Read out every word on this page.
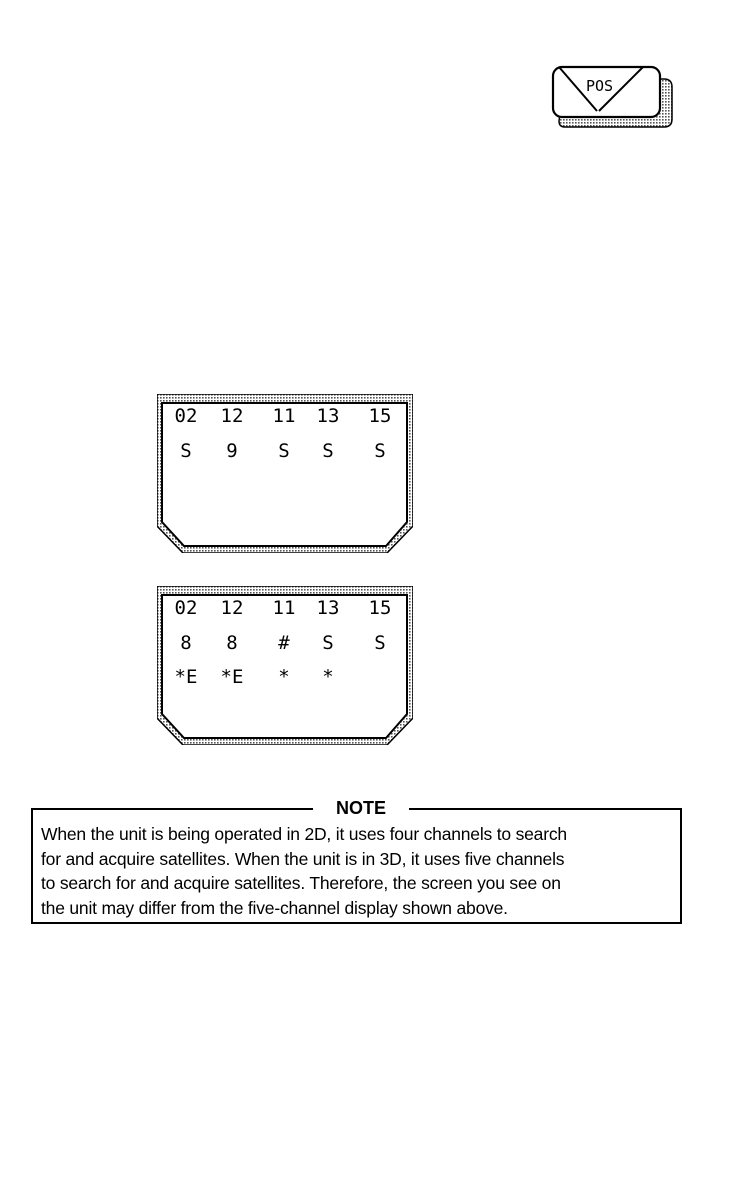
POS
02 12 11 13 15
S	9	S	S	S
02 12 11 13 15
8	8	#	S	S
*E *E	*	*
NOTE
When the unit is being operated in 2D, it uses four channels to search
for and acquire satellites. When the unit is in 3D, it uses five channels
to search for and acquire satellites. Therefore, the screen you see on
the unit may differ from the five-channel display shown above.
